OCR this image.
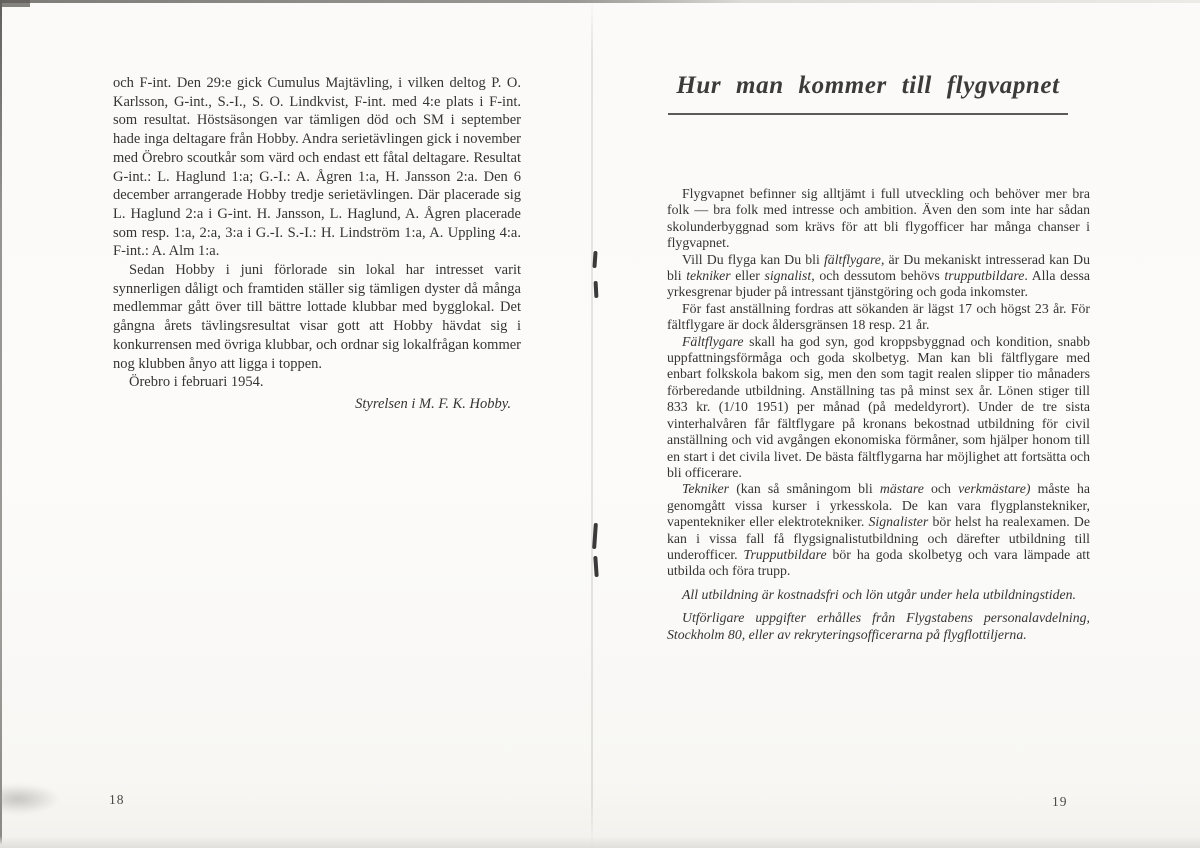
och F-int. Den 29:e gick Cumulus Majtävling, i vilken deltog P. O. Karlsson, G-int., S.-I., S. O. Lindkvist, F-int. med 4:e plats i F-int. som resultat. Höstsäsongen var tämligen död och SM i september hade inga deltagare från Hobby. Andra serietävlingen gick i november med Örebro scoutkår som värd och endast ett fåtal deltagare. Resultat G-int.: L. Haglund 1:a; G.-I.: A. Ågren 1:a, H. Jansson 2:a. Den 6 december arrangerade Hobby tredje serietävlingen. Där placerade sig L. Haglund 2:a i G-int. H. Jansson, L. Haglund, A. Ågren placerade som resp. 1:a, 2:a, 3:a i G.-I. S.-I.: H. Lindström 1:a, A. Uppling 4:a. F-int.: A. Alm 1:a.

Sedan Hobby i juni förlorade sin lokal har intresset varit synnerligen dåligt och framtiden ställer sig tämligen dyster då många medlemmar gått över till bättre lottade klubbar med bygglokal. Det gångna årets tävlingsresultat visar gott att Hobby hävdat sig i konkurrensen med övriga klubbar, och ordnar sig lokalfrågan kommer nog klubben ånyo att ligga i toppen.

Örebro i februari 1954.

Styrelsen i M. F. K. Hobby.

18
Hur man kommer till flygvapnet

Flygvapnet befinner sig alltjämt i full utveckling och behöver mer bra folk — bra folk med intresse och ambition. Även den som inte har sådan skolunderbyggnad som krävs för att bli flygofficer har många chanser i flygvapnet.

Vill Du flyga kan Du bli fältflygare, är Du mekaniskt intresserad kan Du bli tekniker eller signalist, och dessutom behövs trupputbildare. Alla dessa yrkesgrenar bjuder på intressant tjänstgöring och goda inkomster.

För fast anställning fordras att sökanden är lägst 17 och högst 23 år. För fältflygare är dock åldersgränsen 18 resp. 21 år.

Fältflygare skall ha god syn, god kroppsbyggnad och kondition, snabb uppfattningsförmåga och goda skolbetyg. Man kan bli fältflygare med enbart folkskola bakom sig, men den som tagit realen slipper tio månaders förberedande utbildning. Anställning tas på minst sex år. Lönen stiger till 833 kr. (1/10 1951) per månad (på medeldyrort). Under de tre sista vinterhalvåren får fältflygare på kronans bekostnad utbildning för civil anställning och vid avgången ekonomiska förmåner, som hjälper honom till en start i det civila livet. De bästa fältflygarna har möjlighet att fortsätta och bli officerare.

Tekniker (kan så småningom bli mästare och verkmästare) måste ha genomgått vissa kurser i yrkesskola. De kan vara flygplanstekniker, vapentekniker eller elektrotekniker. Signalister bör helst ha realexamen. De kan i vissa fall få flygsignalistutbildning och därefter utbildning till underofficer. Trupputbildare bör ha goda skolbetyg och vara lämpade att utbilda och föra trupp.

All utbildning är kostnadsfri och lön utgår under hela utbildningstiden.

Utförligare uppgifter erhålles från Flygstabens personalavdelning, Stockholm 80, eller av rekryteringsofficerarna på flygflottiljerna.

19
